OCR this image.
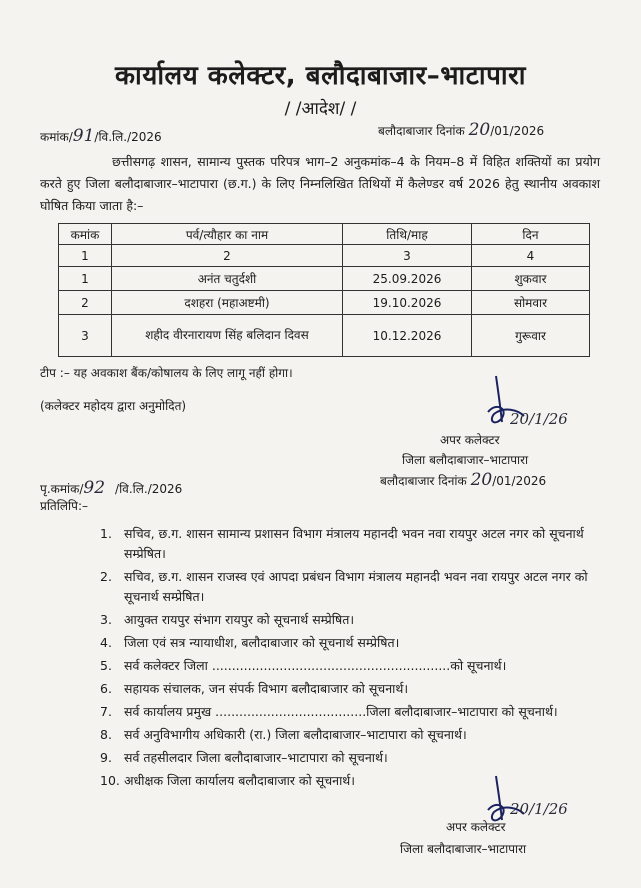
कार्यालय कलेक्टर, बलौदाबाजार–भाटापारा
/ /आदेश/ /
कमांक/91/वि.लि./2026	बलौदाबाजार दिनांक 20/01/2026
छत्तीसगढ़ शासन, सामान्य पुस्तक परिपत्र भाग–2 अनुकमांक–4 के नियम–8 में विहित शक्तियों का प्रयोग करते हुए जिला बलौदाबाजार–भाटापारा (छ.ग.) के लिए निम्नलिखित तिथियों में कैलेण्डर वर्ष 2026 हेतु स्थानीय अवकाश घोषित किया जाता है:–
कमांक	पर्व/त्यौहार का नाम	तिथि/माह	दिन
1	2	3	4
1	अनंत चतुर्दशी	25.09.2026	शुकवार
2	दशहरा (महाअष्टमी)	19.10.2026	सोमवार
3	शहीद वीरनारायण सिंह बलिदान दिवस	10.12.2026	गुरूवार
टीप :– यह अवकाश बैंक/कोषालय के लिए लागू नहीं होगा।
(कलेक्टर महोदय द्वारा अनुमोदित)
20/1/26
अपर कलेक्टर
जिला बलौदाबाजार–भाटापारा
पृ.कमांक/92 /वि.लि./2026
बलौदाबाजार दिनांक 20/01/2026
प्रतिलिपि:–
1. सचिव, छ.ग. शासन सामान्य प्रशासन विभाग मंत्रालय महानदी भवन नवा रायपुर अटल नगर को सूचनार्थ सम्प्रेषित।
2. सचिव, छ.ग. शासन राजस्व एवं आपदा प्रबंधन विभाग मंत्रालय महानदी भवन नवा रायपुर अटल नगर को सूचनार्थ सम्प्रेषित।
3. आयुक्त रायपुर संभाग रायपुर को सूचनार्थ सम्प्रेषित।
4. जिला एवं सत्र न्यायाधीश, बलौदाबाजार को सूचनार्थ सम्प्रेषित।
5. सर्व कलेक्टर जिला ............................................................को सूचनार्थ।
6. सहायक संचालक, जन संपर्क विभाग बलौदाबाजार को सूचनार्थ।
7. सर्व कार्यालय प्रमुख ......................................जिला बलौदाबाजार–भाटापारा को सूचनार्थ।
8. सर्व अनुविभागीय अधिकारी (रा.) जिला बलौदाबाजार–भाटापारा को सूचनार्थ।
9. सर्व तहसीलदार जिला बलौदाबाजार–भाटापारा को सूचनार्थ।
10. अधीक्षक जिला कार्यालय बलौदाबाजार को सूचनार्थ।
20/1/26
अपर कलेक्टर
जिला बलौदाबाजार–भाटापारा
